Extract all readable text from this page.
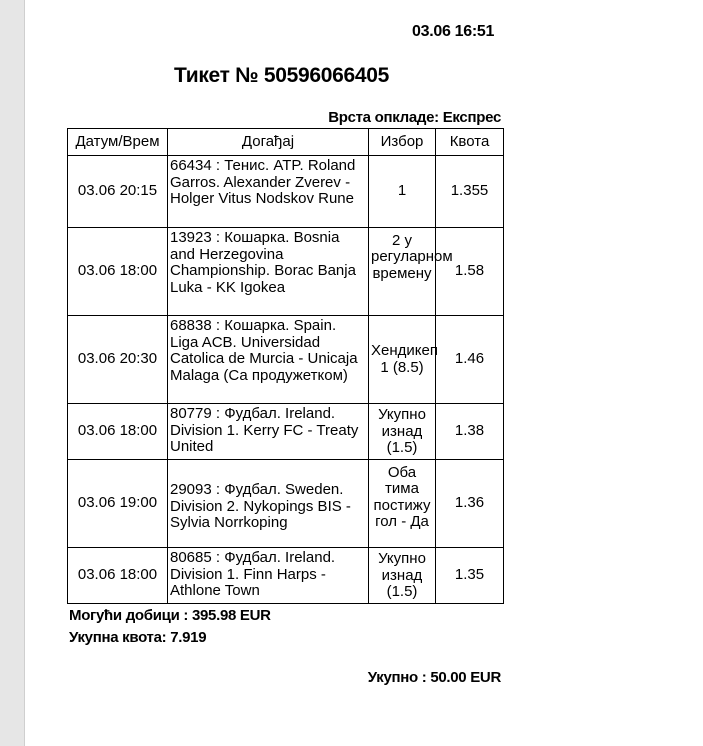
03.06 16:51
Тикет № 50596066405
Врста опкладе: Експрес
Датум/Врем	Догађај	Избор	Квота
03.06 20:15	66434 : Тенис. ATP. Roland Garros. Alexander Zverev - Holger Vitus Nodskov Rune	1	1.355
03.06 18:00	13923 : Кошарка. Bosnia and Herzegovina Championship. Borac Banja Luka - KK Igokea	2 у регуларном времену	1.58
03.06 20:30	68838 : Кошарка. Spain. Liga ACB. Universidad Catolica de Murcia - Unicaja Malaga (Са продужетком)	Хендикеп 1 (8.5)	1.46
03.06 18:00	80779 : Фудбал. Ireland. Division 1. Kerry FC - Treaty United	Укупно изнад (1.5)	1.38
03.06 19:00	29093 : Фудбал. Sweden. Division 2. Nykopings BIS - Sylvia Norrkoping	Оба тима постижу гол - Да	1.36
03.06 18:00	80685 : Фудбал. Ireland. Division 1. Finn Harps - Athlone Town	Укупно изнад (1.5)	1.35
Могући добици : 395.98 EUR
Укупна квота: 7.919
Укупно : 50.00 EUR
